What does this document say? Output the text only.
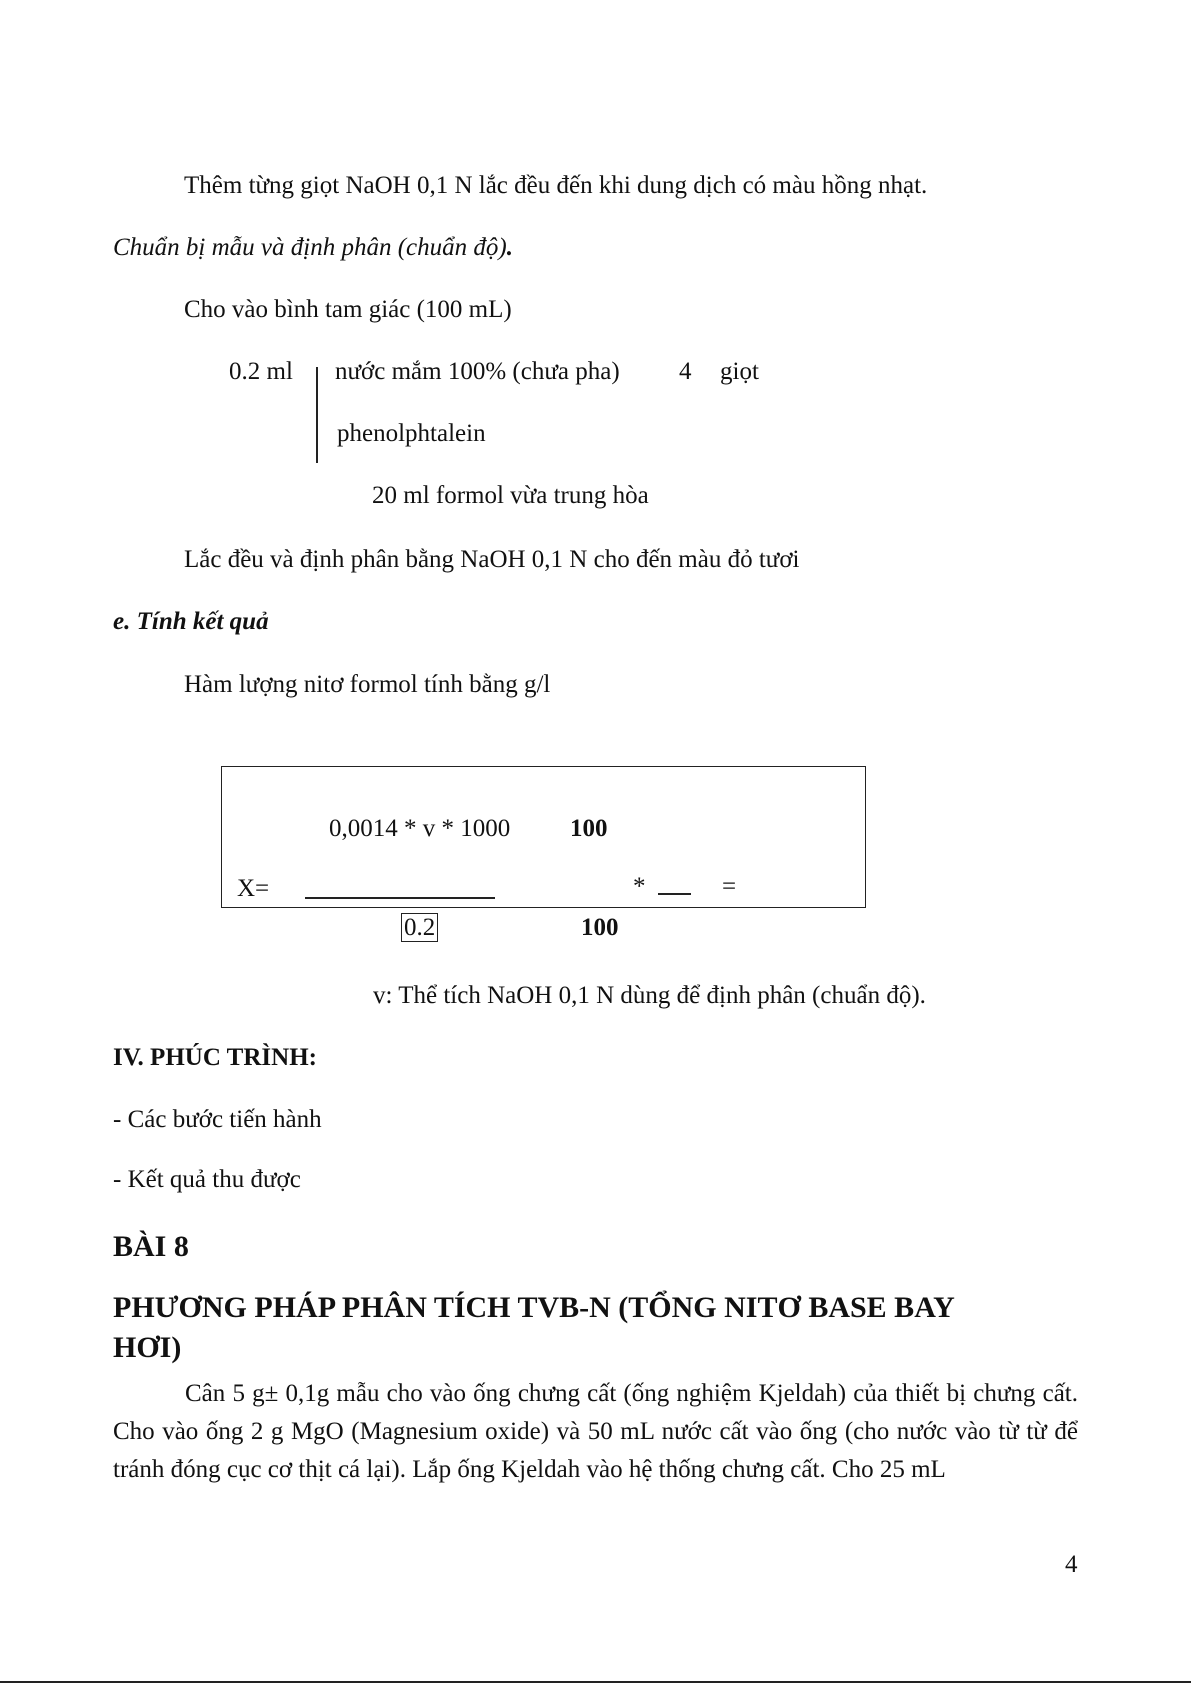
Thêm từng giọt NaOH 0,1 N lắc đều đến khi dung dịch có màu hồng nhạt.
Chuẩn bị mẫu và định phân (chuẩn độ).
Cho vào bình tam giác (100 mL)
0.2 ml nước mắm 100% (chưa pha) 4 giọt
phenolphtalein
20 ml formol vừa trung hòa
Lắc đều và định phân bằng NaOH 0,1 N cho đến màu đỏ tươi
e. Tính kết quả
Hàm lượng nitơ formol tính bằng g/l
0,0014 * v * 1000 100
X=	*	=
0.2	100
v: Thể tích NaOH 0,1 N dùng để định phân (chuẩn độ).
IV. PHÚC TRÌNH:
- Các bước tiến hành
- Kết quả thu được
BÀI 8
PHƯƠNG PHÁP PHÂN TÍCH TVB-N (TỔNG NITƠ BASE BAY
HƠI)
Cân 5 g± 0,1g mẫu cho vào ống chưng cất (ống nghiệm Kjeldah) của thiết bị chưng cất. Cho vào ống 2 g MgO (Magnesium oxide) và 50 mL nước cất vào ống (cho nước vào từ từ để tránh đóng cục cơ thịt cá lại). Lắp ống Kjeldah vào hệ thống chưng cất. Cho 25 mL
4
